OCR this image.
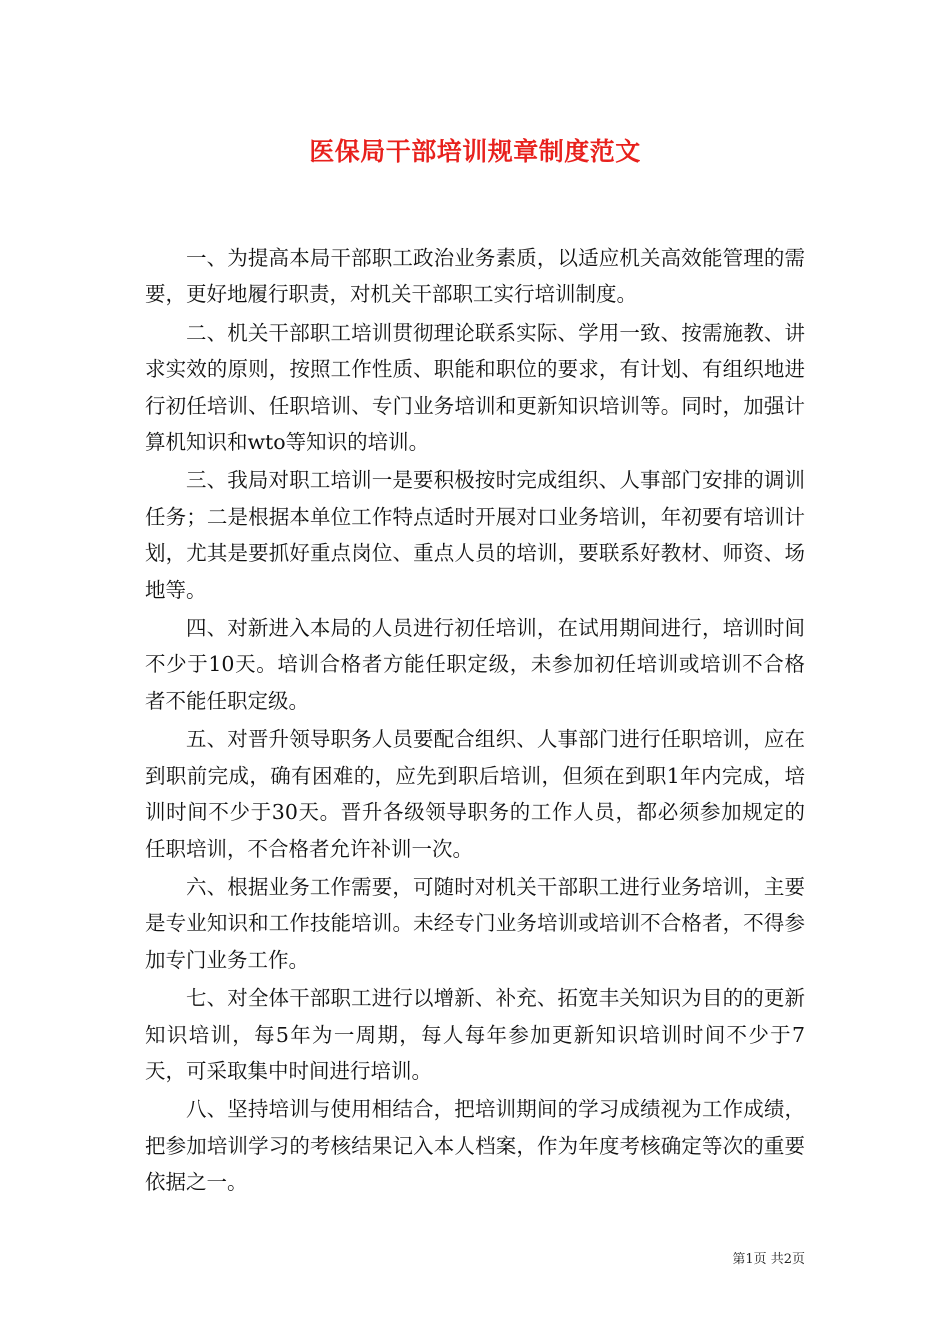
医保局干部培训规章制度范文

一、为提高本局干部职工政治业务素质，以适应机关高效能管理的需要，更好地履行职责，对机关干部职工实行培训制度。

二、机关干部职工培训贯彻理论联系实际、学用一致、按需施教、讲求实效的原则，按照工作性质、职能和职位的要求，有计划、有组织地进行初任培训、任职培训、专门业务培训和更新知识培训等。同时，加强计算机知识和wto等知识的培训。

三、我局对职工培训一是要积极按时完成组织、人事部门安排的调训任务；二是根据本单位工作特点适时开展对口业务培训，年初要有培训计划，尤其是要抓好重点岗位、重点人员的培训，要联系好教材、师资、场地等。

四、对新进入本局的人员进行初任培训，在试用期间进行，培训时间不少于10天。培训合格者方能任职定级，未参加初任培训或培训不合格者不能任职定级。

五、对晋升领导职务人员要配合组织、人事部门进行任职培训，应在到职前完成，确有困难的，应先到职后培训，但须在到职1年内完成，培训时间不少于30天。晋升各级领导职务的工作人员，都必须参加规定的任职培训，不合格者允许补训一次。

六、根据业务工作需要，可随时对机关干部职工进行业务培训，主要是专业知识和工作技能培训。未经专门业务培训或培训不合格者，不得参加专门业务工作。

七、对全体干部职工进行以增新、补充、拓宽丰关知识为目的的更新知识培训，每5年为一周期，每人每年参加更新知识培训时间不少于7天，可采取集中时间进行培训。

八、坚持培训与使用相结合，把培训期间的学习成绩视为工作成绩，把参加培训学习的考核结果记入本人档案，作为年度考核确定等次的重要依据之一。

第1页 共2页
